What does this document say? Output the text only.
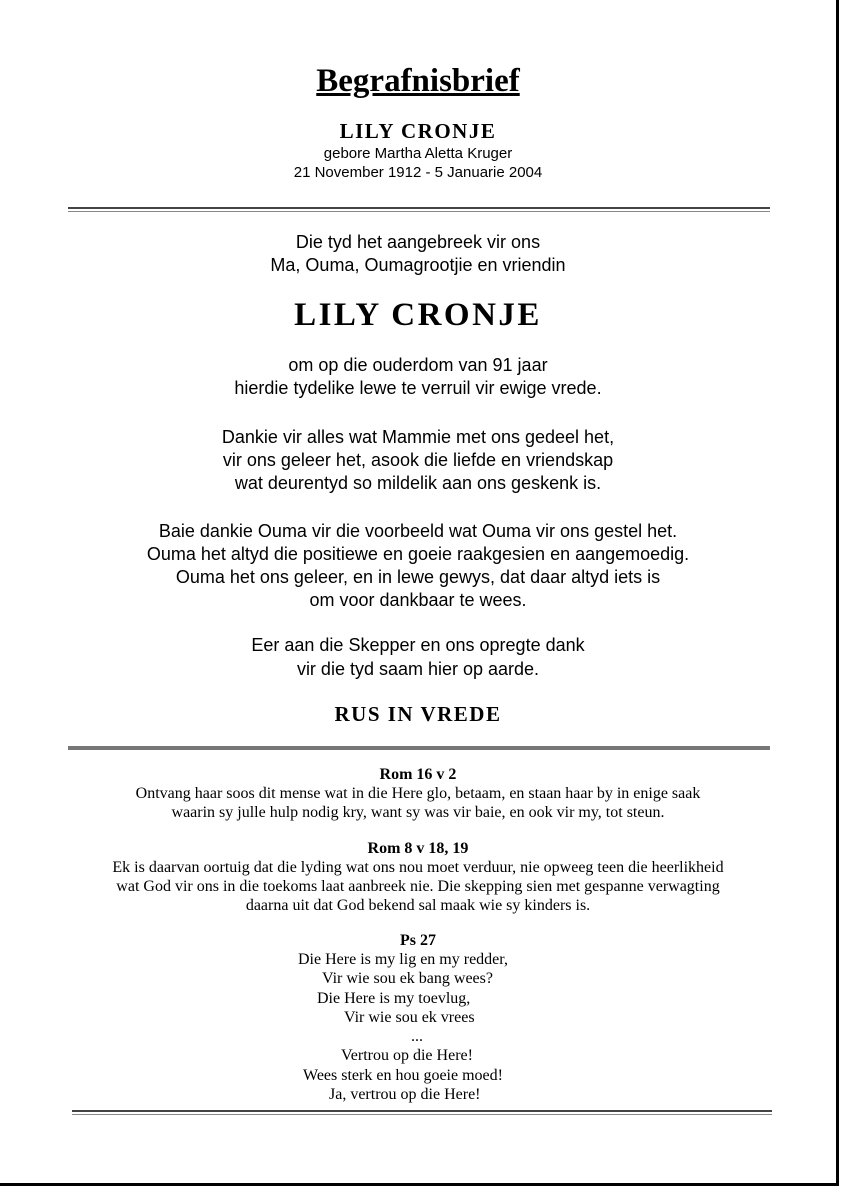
Begrafnisbrief
LILY CRONJE
gebore Martha Aletta Kruger
21 November 1912 - 5 Januarie 2004
Die tyd het aangebreek vir ons
Ma, Ouma, Oumagrootjie en vriendin
LILY CRONJE
om op die ouderdom van 91 jaar
hierdie tydelike lewe te verruil vir ewige vrede.
Dankie vir alles wat Mammie met ons gedeel het,
vir ons geleer het, asook die liefde en vriendskap
wat deurentyd so mildelik aan ons geskenk is.
Baie dankie Ouma vir die voorbeeld wat Ouma vir ons gestel het.
Ouma het altyd die positiewe en goeie raakgesien en aangemoedig.
Ouma het ons geleer, en in lewe gewys, dat daar altyd iets is
om voor dankbaar te wees.
Eer aan die Skepper en ons opregte dank
vir die tyd saam hier op aarde.
RUS IN VREDE
Rom 16 v 2
Ontvang haar soos dit mense wat in die Here glo, betaam, en staan haar by in enige saak
waarin sy julle hulp nodig kry, want sy was vir baie, en ook vir my, tot steun.
Rom 8 v 18, 19
Ek is daarvan oortuig dat die lyding wat ons nou moet verduur, nie opweeg teen die heerlikheid
wat God vir ons in die toekoms laat aanbreek nie. Die skepping sien met gespanne verwagting
daarna uit dat God bekend sal maak wie sy kinders is.
Ps 27
Die Here is my lig en my redder,
Vir wie sou ek bang wees?
Die Here is my toevlug,
Vir wie sou ek vrees
...
Vertrou op die Here!
Wees sterk en hou goeie moed!
Ja, vertrou op die Here!
